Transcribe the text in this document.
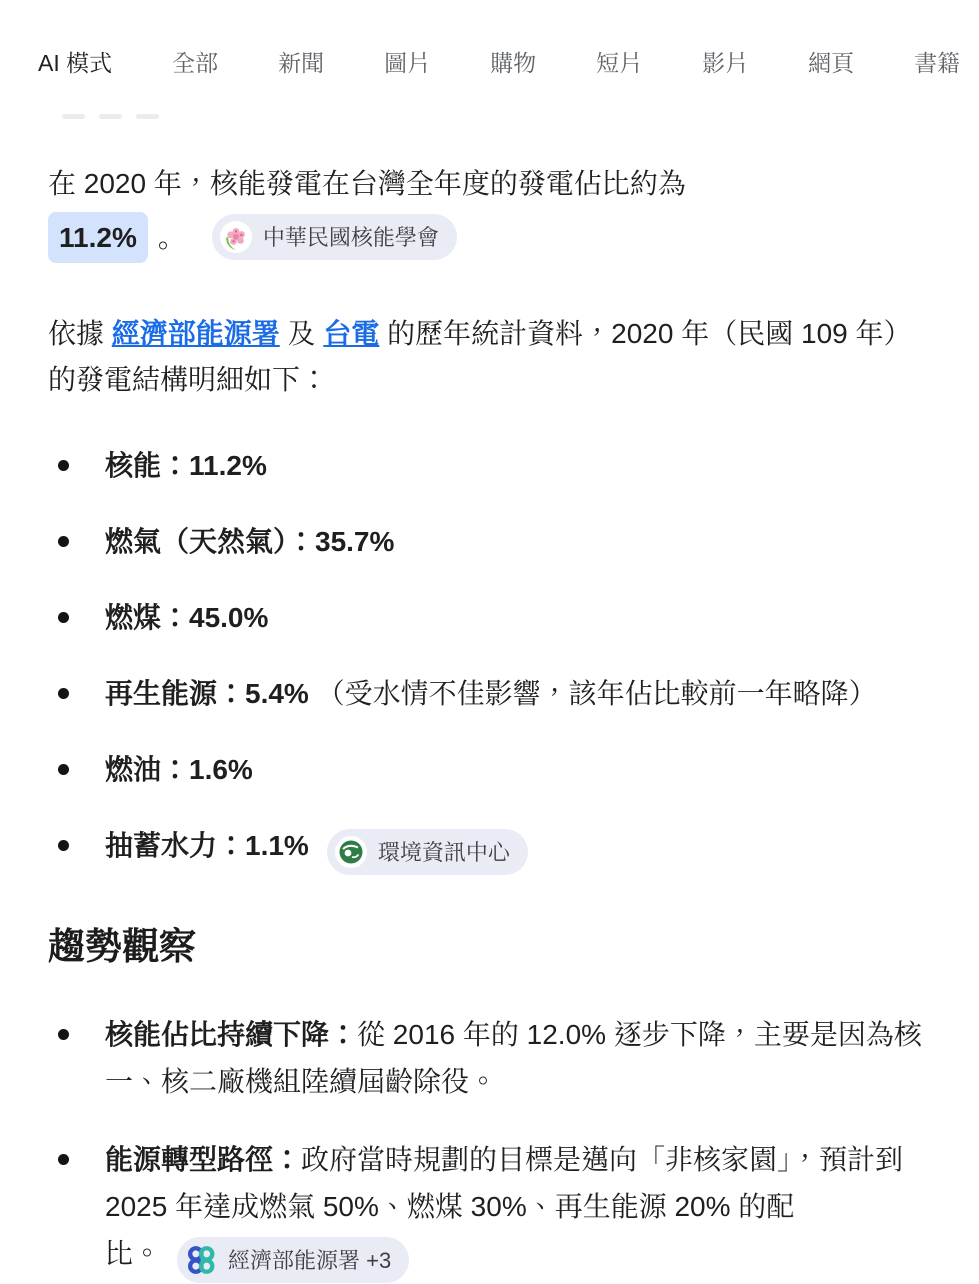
AI 模式	全部	新聞	圖片	購物	短片	影片	網頁	書籍
在 2020 年，核能發電在台灣全年度的發電佔比約為
11.2% 。	中華民國核能學會
依據 經濟部能源署 及 台電 的歷年統計資料，2020 年（民國 109 年）的發電結構明細如下：
核能：11.2%
燃氣（天然氣）：35.7%
燃煤：45.0%
再生能源：5.4% （受水情不佳影響，該年佔比較前一年略降）
燃油：1.6%
抽蓄水力：1.1%	環境資訊中心
趨勢觀察
核能佔比持續下降：從 2016 年的 12.0% 逐步下降，主要是因為核一、核二廠機組陸續屆齡除役。
能源轉型路徑：政府當時規劃的目標是邁向「非核家園」，預計到 2025 年達成燃氣 50%、燃煤 30%、再生能源 20% 的配比。	經濟部能源署 +3
